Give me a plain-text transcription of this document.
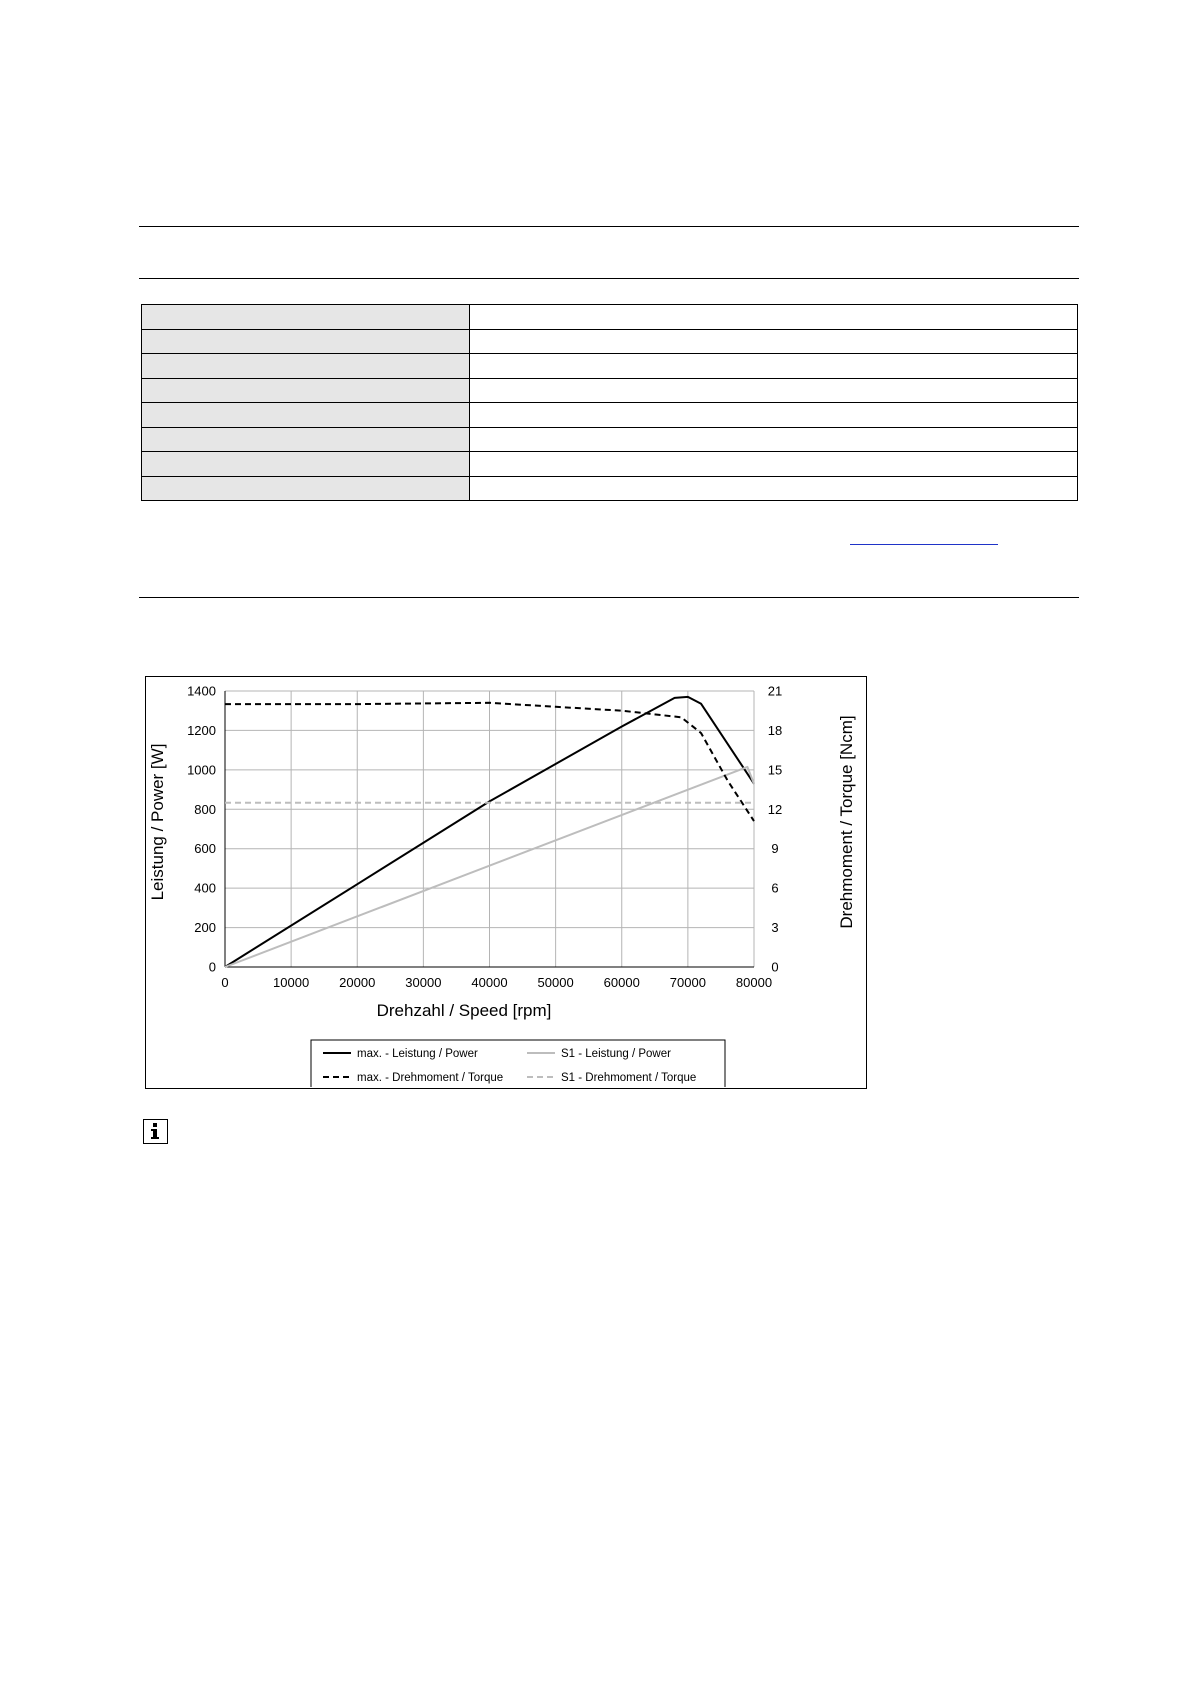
0
200
400
600
800
1000
1200
1400
0
3
6
9
12
15
18
21
0	10000 20000 30000 40000 50000 60000 70000 80000
Drehzahl / Speed [rpm]
Leistung / Power [W]	Drehmoment / Torque [Ncm]
max. - Leistung / Power	S1 - Leistung / Power
max. - Drehmoment / Torque	S1 - Drehmoment / Torque
